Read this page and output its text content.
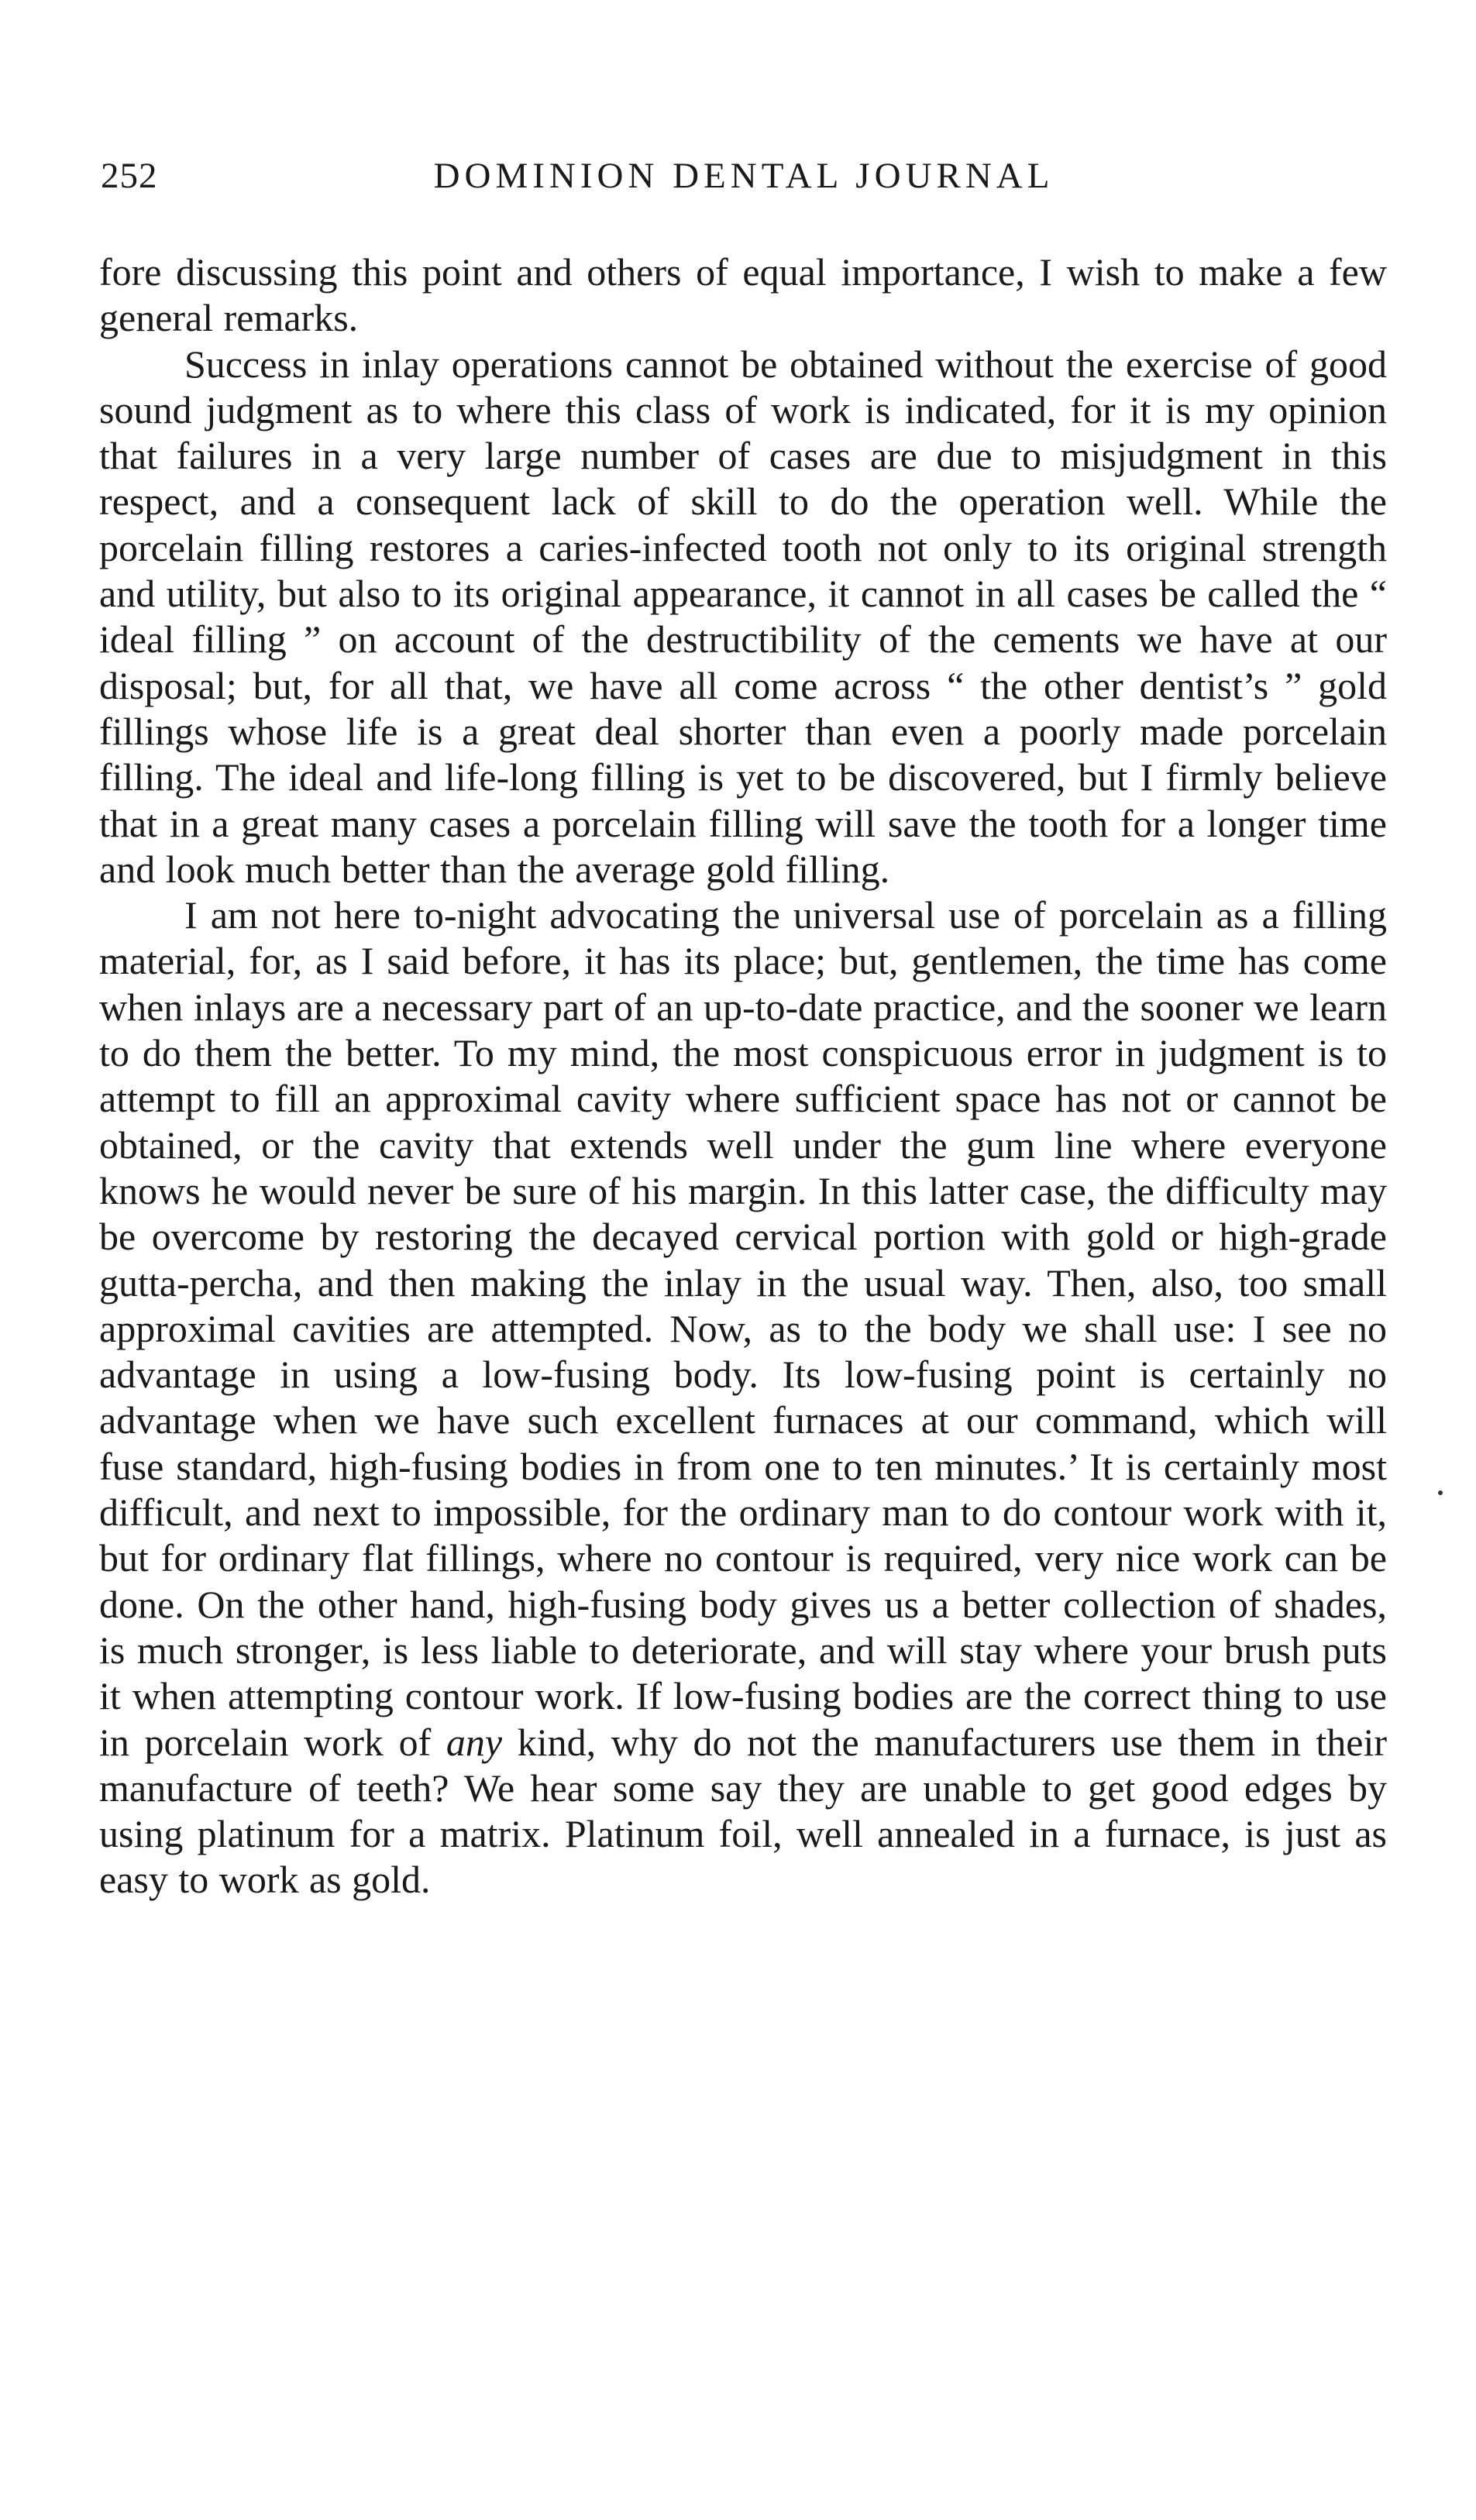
252	DOMINION DENTAL JOURNAL

fore discussing this point and others of equal importance, I wish to make a few general remarks.

Success in inlay operations cannot be obtained without the exercise of good sound judgment as to where this class of work is indicated, for it is my opinion that failures in a very large number of cases are due to misjudgment in this respect, and a consequent lack of skill to do the operation well. While the porcelain filling restores a caries-infected tooth not only to its original strength and utility, but also to its original appearance, it cannot in all cases be called the “ ideal filling ” on account of the destructibility of the cements we have at our disposal; but, for all that, we have all come across “ the other dentist’s ” gold fillings whose life is a great deal shorter than even a poorly made porcelain filling. The ideal and life-long filling is yet to be discovered, but I firmly believe that in a great many cases a porcelain filling will save the tooth for a longer time and look much better than the average gold filling.

I am not here to-night advocating the universal use of porcelain as a filling material, for, as I said before, it has its place; but, gentlemen, the time has come when inlays are a necessary part of an up-to-date practice, and the sooner we learn to do them the better. To my mind, the most conspicuous error in judgment is to attempt to fill an approximal cavity where sufficient space has not or cannot be obtained, or the cavity that extends well under the gum line where everyone knows he would never be sure of his margin. In this latter case, the difficulty may be overcome by restoring the decayed cervical portion with gold or high-grade gutta-percha, and then making the inlay in the usual way. Then, also, too small approximal cavities are attempted. Now, as to the body we shall use: I see no advantage in using a low-fusing body. Its low-fusing point is certainly no advantage when we have such excellent furnaces at our command, which will fuse standard, high-fusing bodies in from one to ten minutes.’ It is certainly most difficult, and next to impossible, for the ordinary man to do contour work with it, but for ordinary flat fillings, where no contour is required, very nice work can be done. On the other hand, high-fusing body gives us a better collection of shades, is much stronger, is less liable to deteriorate, and will stay where your brush puts it when attempting contour work. If low-fusing bodies are the correct thing to use in porcelain work of any kind, why do not the manufacturers use them in their manufacture of teeth? We hear some say they are unable to get good edges by using platinum for a matrix. Platinum foil, well annealed in a furnace, is just as easy to work as gold.
